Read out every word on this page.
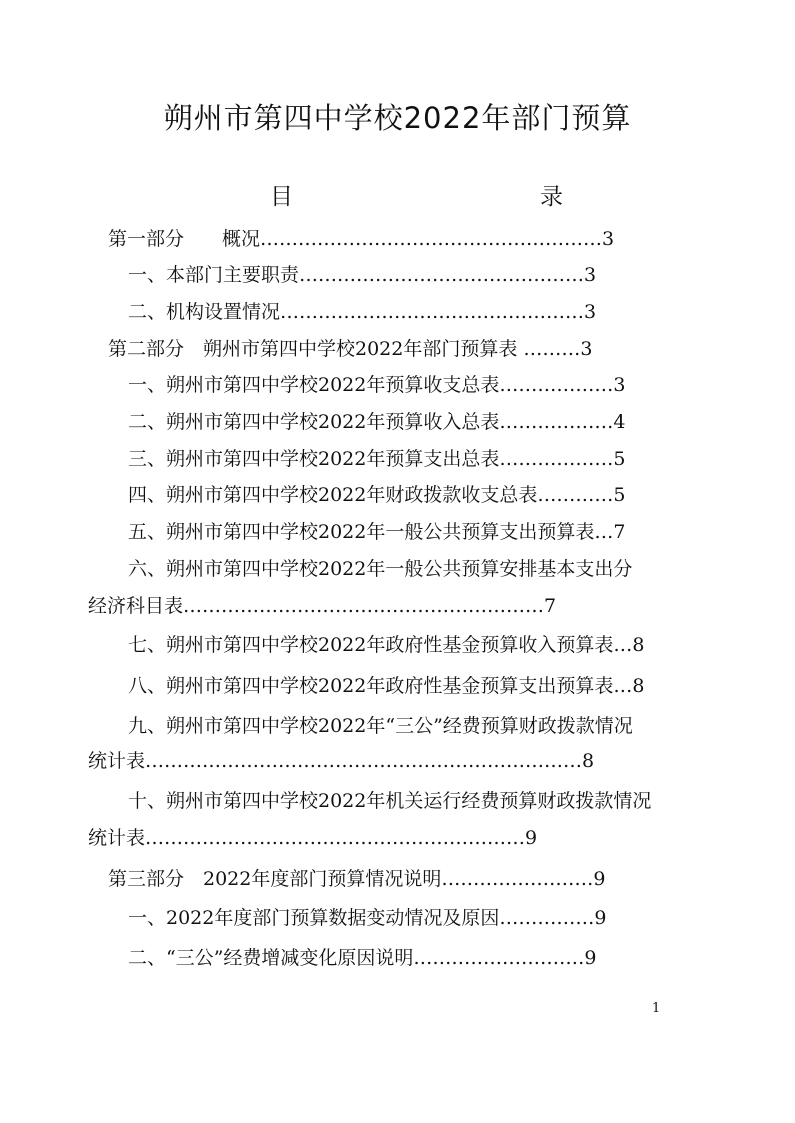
朔州市第四中学校2022年部门预算
目	录
第一部分　　概况………………………………………………3
一、本部门主要职责………………………………………3
二、机构设置情况…………………………………………3
第二部分　朔州市第四中学校2022年部门预算表 ………3
一、朔州市第四中学校2022年预算收支总表………………3
二、朔州市第四中学校2022年预算收入总表………………4
三、朔州市第四中学校2022年预算支出总表………………5
四、朔州市第四中学校2022年财政拨款收支总表…………5
五、朔州市第四中学校2022年一般公共预算支出预算表…7
六、朔州市第四中学校2022年一般公共预算安排基本支出分
经济科目表…………………………………………………7
七、朔州市第四中学校2022年政府性基金预算收入预算表…8
八、朔州市第四中学校2022年政府性基金预算支出预算表…8
九、朔州市第四中学校2022年“三公”经费预算财政拨款情况
统计表……………………………………………………………8
十、朔州市第四中学校2022年机关运行经费预算财政拨款情况
统计表……………………………………………………9
第三部分　2022年度部门预算情况说明……………………9
一、2022年度部门预算数据变动情况及原因……………9
二、“三公”经费增减变化原因说明………………………9
1
